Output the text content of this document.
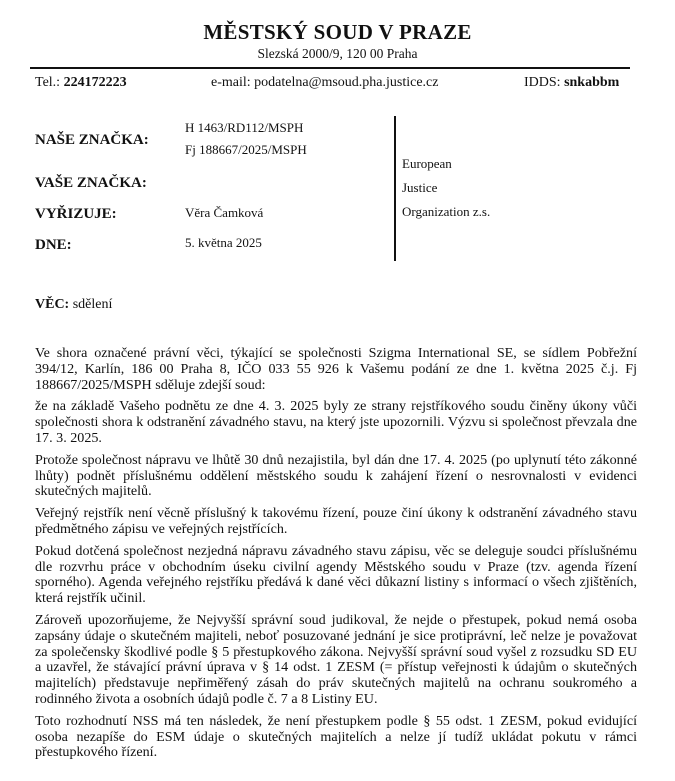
MĚSTSKÝ SOUD V PRAZE
Slezská 2000/9, 120 00 Praha
Tel.: 224172223	e-mail: podatelna@msoud.pha.justice.cz	IDDS: snkabbm
NAŠE ZNAČKA:
H 1463/RD112/MSPH
Fj 188667/2025/MSPH
VAŠE ZNAČKA:
VYŘIZUJE:	Věra Čamková
DNE:	5. května 2025
European
Justice
Organization z.s.
VĚC: sdělení

Ve shora označené právní věci, týkající se společnosti Szigma International SE, se sídlem Pobřežní 394/12, Karlín, 186 00 Praha 8, IČO 033 55 926 k Vašemu podání ze dne 1. května 2025 č.j. Fj 188667/2025/MSPH sděluje zdejší soud:

že na základě Vašeho podnětu ze dne 4. 3. 2025 byly ze strany rejstříkového soudu činěny úkony vůči společnosti shora k odstranění závadného stavu, na který jste upozornili. Výzvu si společnost převzala dne 17. 3. 2025.

Protože společnost nápravu ve lhůtě 30 dnů nezajistila, byl dán dne 17. 4. 2025 (po uplynutí této zákonné lhůty) podnět příslušnému oddělení městského soudu k zahájení řízení o nesrovnalosti v evidenci skutečných majitelů.

Veřejný rejstřík není věcně příslušný k takovému řízení, pouze činí úkony k odstranění závadného stavu předmětného zápisu ve veřejných rejstřících.

Pokud dotčená společnost nezjedná nápravu závadného stavu zápisu, věc se deleguje soudci příslušnému dle rozvrhu práce v obchodním úseku civilní agendy Městského soudu v Praze (tzv. agenda řízení sporného). Agenda veřejného rejstříku předává k dané věci důkazní listiny s informací o všech zjištěních, která rejstřík učinil.

Zároveň upozorňujeme, že Nejvyšší správní soud judikoval, že nejde o přestupek, pokud nemá osoba zapsány údaje o skutečném majiteli, neboť posuzované jednání je sice protiprávní, leč nelze je považovat za společensky škodlivé podle § 5 přestupkového zákona. Nejvyšší správní soud vyšel z rozsudku SD EU a uzavřel, že stávající právní úprava v § 14 odst. 1 ZESM (= přístup veřejnosti k údajům o skutečných majitelích) představuje nepřiměřený zásah do práv skutečných majitelů na ochranu soukromého a rodinného života a osobních údajů podle č. 7 a 8 Listiny EU.

Toto rozhodnutí NSS má ten následek, že není přestupkem podle § 55 odst. 1 ZESM, pokud evidující osoba nezapíše do ESM údaje o skutečných majitelích a nelze jí tudíž ukládat pokutu v rámci přestupkového řízení.
